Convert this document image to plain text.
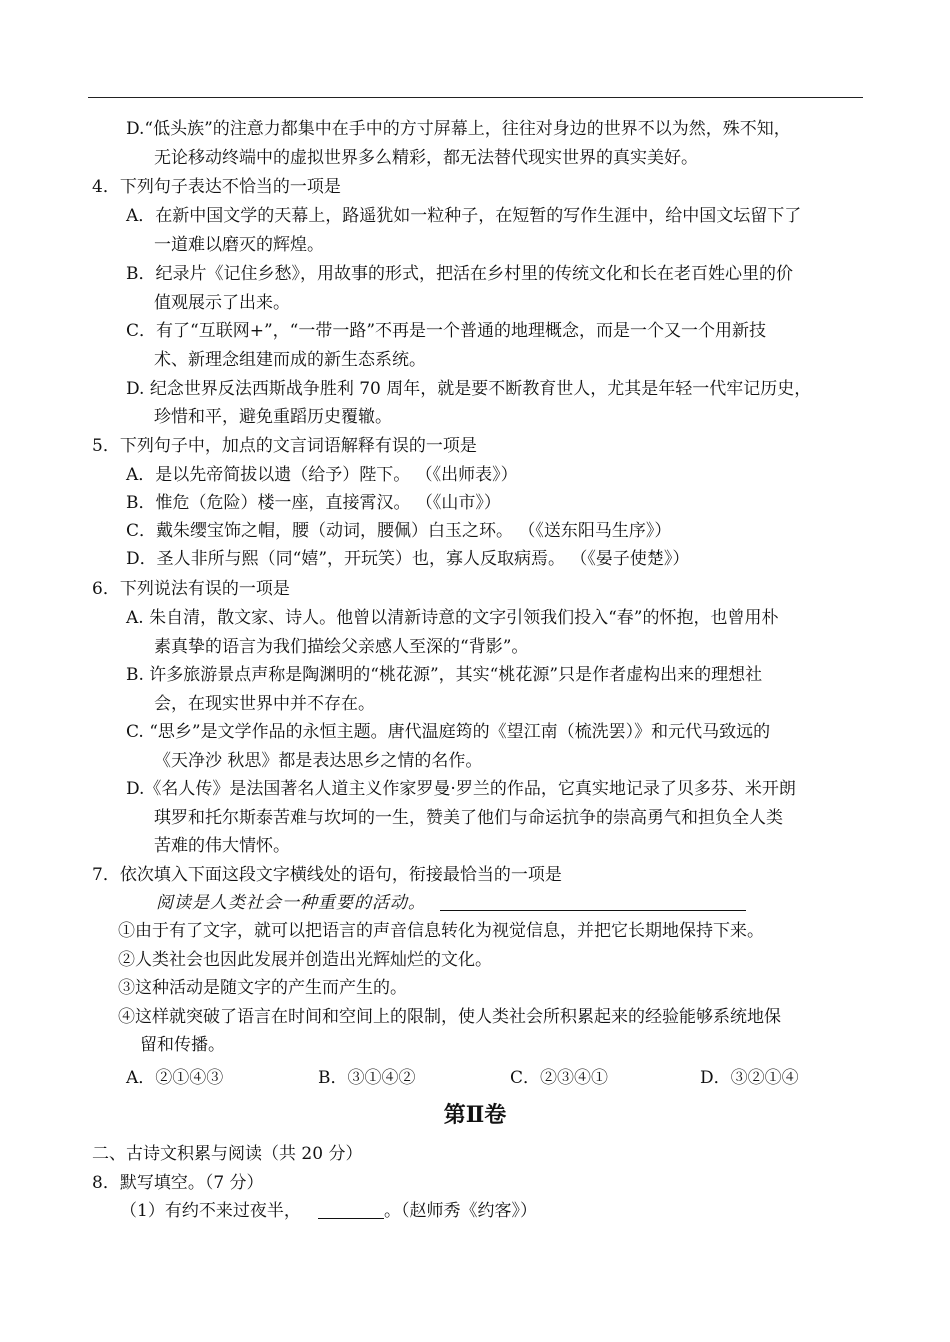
D.“低头族”的注意力都集中在手中的方寸屏幕上，往往对身边的世界不以为然，殊不知，
无论移动终端中的虚拟世界多么精彩，都无法替代现实世界的真实美好。
4．下列句子表达不恰当的一项是
A．在新中国文学的天幕上，路遥犹如一粒种子，在短暂的写作生涯中，给中国文坛留下了
一道难以磨灭的辉煌。
B．纪录片《记住乡愁》，用故事的形式，把活在乡村里的传统文化和长在老百姓心里的价
值观展示了出来。
C．有了“互联网+”，“一带一路”不再是一个普通的地理概念，而是一个又一个用新技
术、新理念组建而成的新生态系统。
D. 纪念世界反法西斯战争胜利 70 周年，就是要不断教育世人，尤其是年轻一代牢记历史，
珍惜和平，避免重蹈历史覆辙。
5．下列句子中，加点的文言词语解释有误的一项是
A．是以先帝简拔以遗（给予）陛下。 （《出师表》）
B．惟危（危险）楼一座，直接霄汉。 （《山市》）
C．戴朱缨宝饰之帽，腰（动词，腰佩）白玉之环。 （《送东阳马生序》）
D．圣人非所与熙（同“嬉”，开玩笑）也，寡人反取病焉。 （《晏子使楚》）
6．下列说法有误的一项是
A. 朱自清，散文家、诗人。他曾以清新诗意的文字引领我们投入“春”的怀抱，也曾用朴
素真挚的语言为我们描绘父亲感人至深的“背影”。
B. 许多旅游景点声称是陶渊明的“桃花源”，其实“桃花源”只是作者虚构出来的理想社
会，在现实世界中并不存在。
C. “思乡”是文学作品的永恒主题。唐代温庭筠的《望江南（梳洗罢）》和元代马致远的
《天净沙 秋思》都是表达思乡之情的名作。
D.《名人传》是法国著名人道主义作家罗曼·罗兰的作品，它真实地记录了贝多芬、米开朗
琪罗和托尔斯泰苦难与坎坷的一生，赞美了他们与命运抗争的崇高勇气和担负全人类
苦难的伟大情怀。
7．依次填入下面这段文字横线处的语句，衔接最恰当的一项是
阅读是人类社会一种重要的活动。
①由于有了文字，就可以把语言的声音信息转化为视觉信息，并把它长期地保持下来。
②人类社会也因此发展并创造出光辉灿烂的文化。
③这种活动是随文字的产生而产生的。
④这样就突破了语言在时间和空间上的限制，使人类社会所积累起来的经验能够系统地保
留和传播。
A．②①④③	B．③①④②	C．②③④①	D．③②①④
第Ⅱ卷
二、古诗文积累与阅读（共 20 分）
8．默写填空。（7 分）
（1）有约不来过夜半，	。（赵师秀《约客》）
